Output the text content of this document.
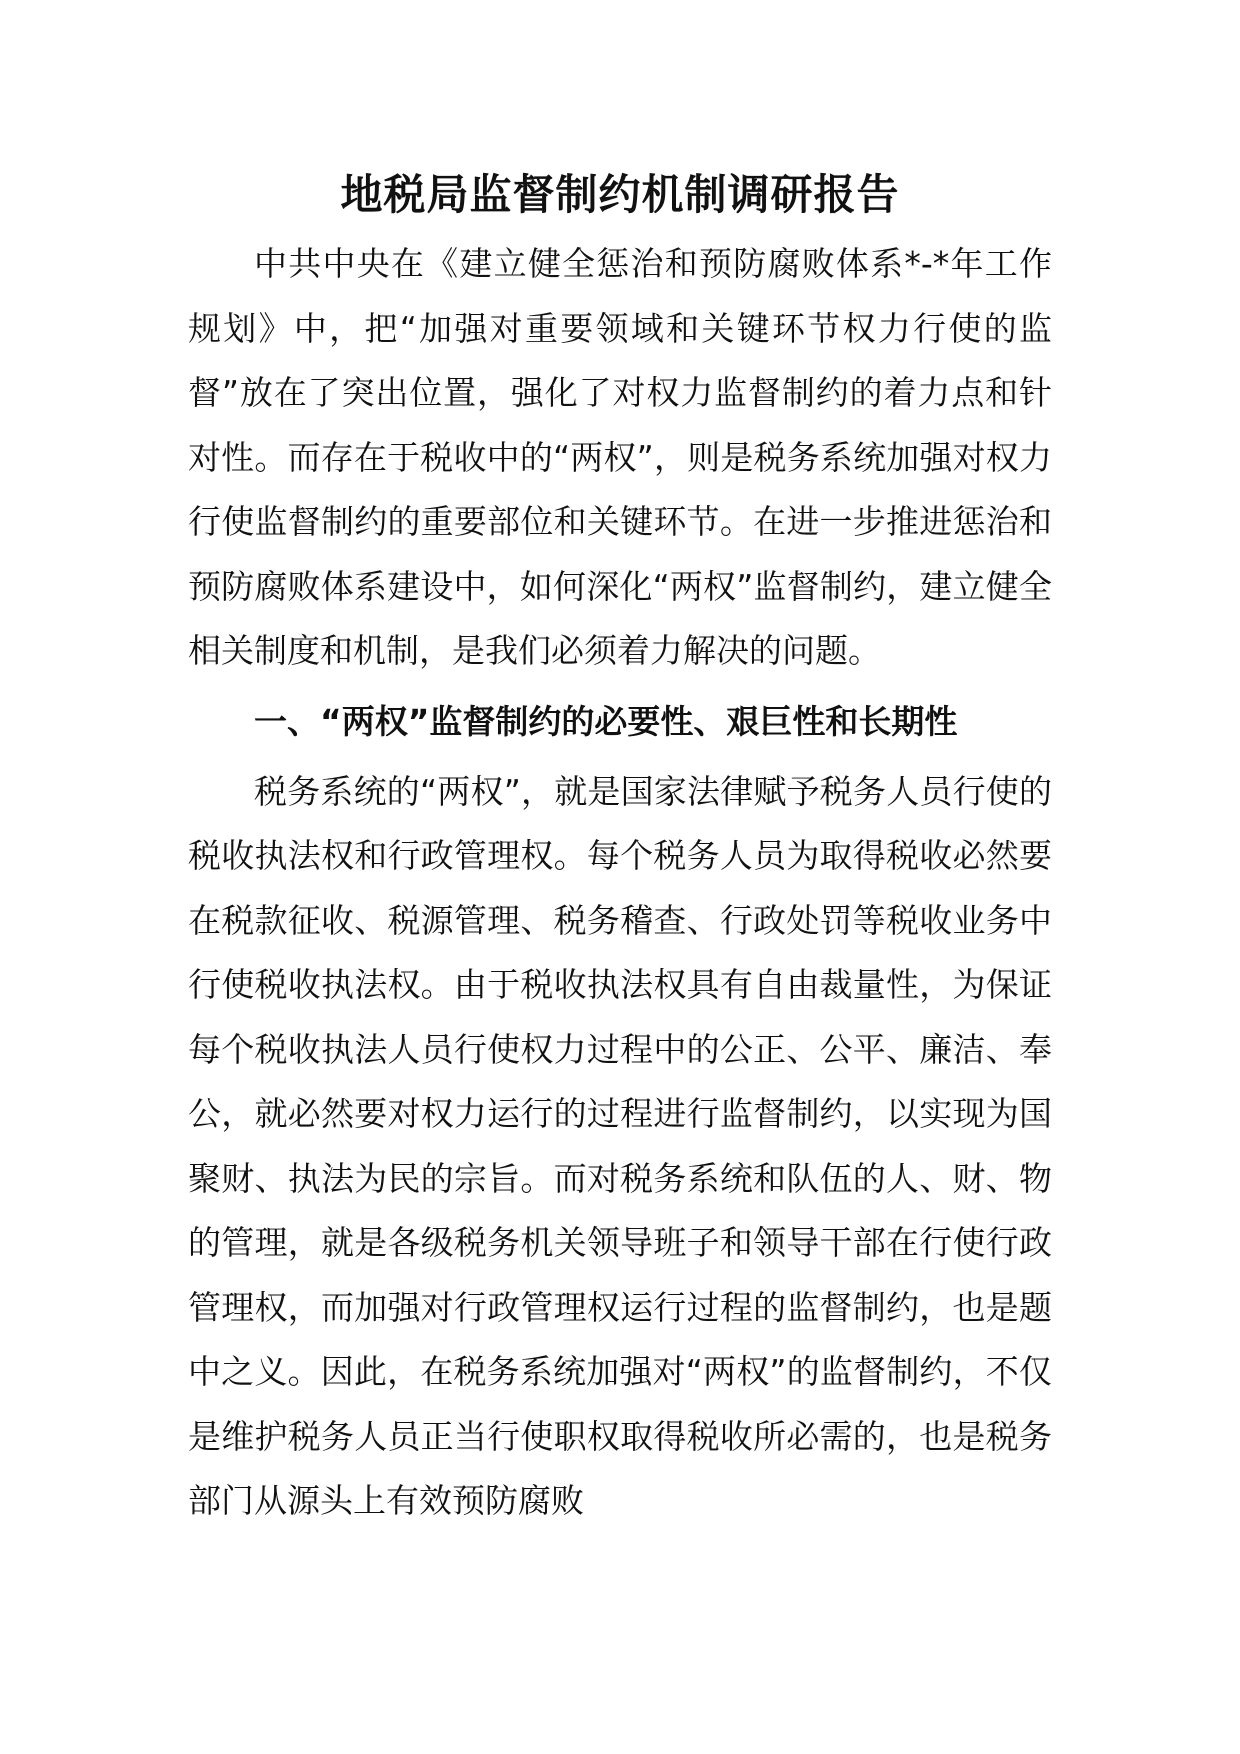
地税局监督制约机制调研报告

中共中央在《建立健全惩治和预防腐败体系*-*年工作规划》中，把“加强对重要领域和关键环节权力行使的监督”放在了突出位置，强化了对权力监督制约的着力点和针对性。而存在于税收中的“两权”，则是税务系统加强对权力行使监督制约的重要部位和关键环节。在进一步推进惩治和预防腐败体系建设中，如何深化“两权”监督制约，建立健全相关制度和机制，是我们必须着力解决的问题。

一、“两权”监督制约的必要性、艰巨性和长期性

税务系统的“两权”，就是国家法律赋予税务人员行使的税收执法权和行政管理权。每个税务人员为取得税收必然要在税款征收、税源管理、税务稽查、行政处罚等税收业务中行使税收执法权。由于税收执法权具有自由裁量性，为保证每个税收执法人员行使权力过程中的公正、公平、廉洁、奉公，就必然要对权力运行的过程进行监督制约，以实现为国聚财、执法为民的宗旨。而对税务系统和队伍的人、财、物的管理，就是各级税务机关领导班子和领导干部在行使行政管理权，而加强对行政管理权运行过程的监督制约，也是题中之义。因此，在税务系统加强对“两权”的监督制约，不仅是维护税务人员正当行使职权取得税收所必需的，也是税务部门从源头上有效预防腐败
